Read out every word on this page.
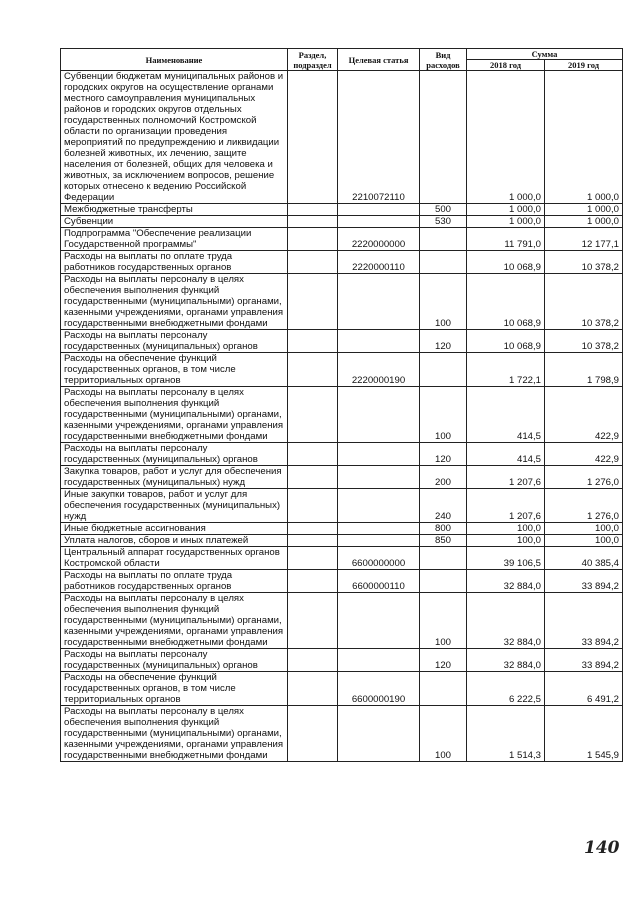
Наименование	Раздел, подраздел	Целевая статья	Вид расходов	Сумма	
				2018 год	2019 год
Субвенции бюджетам муниципальных районов и городских округов на осуществление органами местного самоуправления муниципальных районов и городских округов отдельных государственных полномочий Костромской области по организации проведения мероприятий по предупреждению и ликвидации болезней животных, их лечению, защите населения от болезней, общих для человека и животных, за исключением вопросов, решение которых отнесено к ведению Российской Федерации		2210072110		1 000,0	1 000,0
Межбюджетные трансферты			500	1 000,0	1 000,0
Субвенции			530	1 000,0	1 000,0
Подпрограмма "Обеспечение реализации Государственной программы"		2220000000		11 791,0	12 177,1
Расходы на выплаты по оплате труда работников государственных органов		2220000110		10 068,9	10 378,2
Расходы на выплаты персоналу в целях обеспечения выполнения функций государственными (муниципальными) органами, казенными учреждениями, органами управления государственными внебюджетными фондами			100	10 068,9	10 378,2
Расходы на выплаты персоналу государственных (муниципальных) органов			120	10 068,9	10 378,2
Расходы на обеспечение функций государственных органов, в том числе территориальных органов		2220000190		1 722,1	1 798,9
Расходы на выплаты персоналу в целях обеспечения выполнения функций государственными (муниципальными) органами, казенными учреждениями, органами управления государственными внебюджетными фондами			100	414,5	422,9
Расходы на выплаты персоналу государственных (муниципальных) органов			120	414,5	422,9
Закупка товаров, работ и услуг для обеспечения государственных (муниципальных) нужд			200	1 207,6	1 276,0
Иные закупки товаров, работ и услуг для обеспечения государственных (муниципальных) нужд			240	1 207,6	1 276,0
Иные бюджетные ассигнования			800	100,0	100,0
Уплата налогов, сборов и иных платежей			850	100,0	100,0
Центральный аппарат государственных органов Костромской области		6600000000		39 106,5	40 385,4
Расходы на выплаты по оплате труда работников государственных органов		6600000110		32 884,0	33 894,2
Расходы на выплаты персоналу в целях обеспечения выполнения функций государственными (муниципальными) органами, казенными учреждениями, органами управления государственными внебюджетными фондами			100	32 884,0	33 894,2
Расходы на выплаты персоналу государственных (муниципальных) органов			120	32 884,0	33 894,2
Расходы на обеспечение функций государственных органов, в том числе территориальных органов		6600000190		6 222,5	6 491,2
Расходы на выплаты персоналу в целях обеспечения выполнения функций государственными (муниципальными) органами, казенными учреждениями, органами управления государственными внебюджетными фондами			100	1 514,3	1 545,9
140
